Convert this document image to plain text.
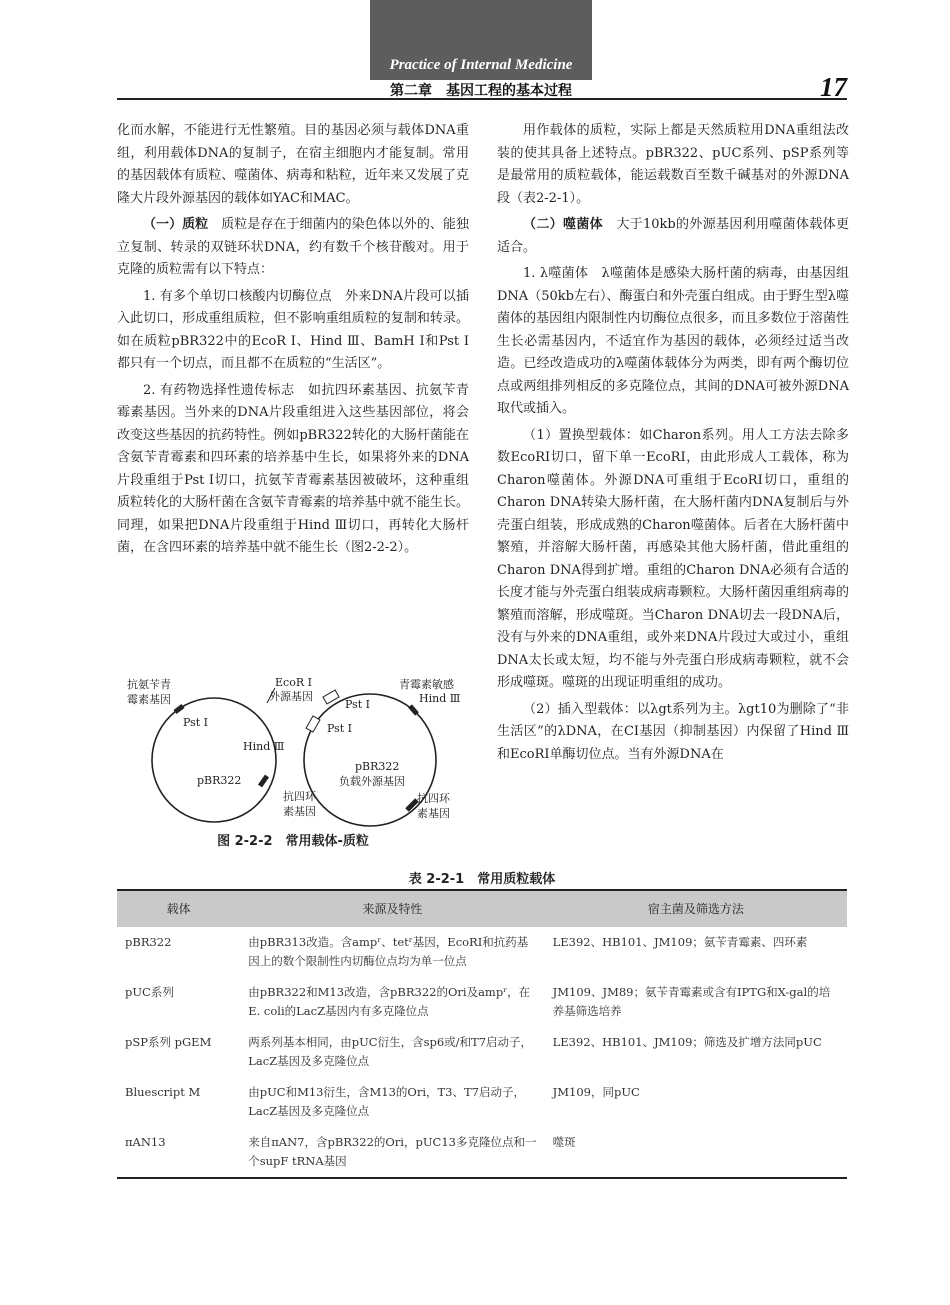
Practice of Internal Medicine
第二章　基因工程的基本过程	17

化而水解，不能进行无性繁殖。目的基因必须与载体DNA重组，利用载体DNA的复制子，在宿主细胞内才能复制。常用的基因载体有质粒、噬菌体、病毒和粘粒，近年来又发展了克隆大片段外源基因的载体如YAC和MAC。

（一）质粒　 质粒是存在于细菌内的染色体以外的、能独立复制、转录的双链环状DNA，约有数千个核苷酸对。用于克隆的质粒需有以下特点：

1. 有多个单切口核酸内切酶位点　外来DNA片段可以插入此切口，形成重组质粒，但不影响重组质粒的复制和转录。如在质粒pBR322中的EcoR Ⅰ、Hind Ⅲ、BamH Ⅰ和Pst Ⅰ都只有一个切点，而且都不在质粒的“生活区”。

2. 有药物选择性遗传标志　如抗四环素基因、抗氨苄青霉素基因。当外来的DNA片段重组进入这些基因部位，将会改变这些基因的抗药特性。例如pBR322转化的大肠杆菌能在含氨苄青霉素和四环素的培养基中生长，如果将外来的DNA片段重组于Pst Ⅰ切口，抗氨苄青霉素基因被破坏，这种重组质粒转化的大肠杆菌在含氨苄青霉素的培养基中就不能生长。同理，如果把DNA片段重组于Hind Ⅲ切口，再转化大肠杆菌，在含四环素的培养基中就不能生长（图2-2-2）。

抗氨苄青
霉素基因
EcoR Ⅰ
外源基因
青霉素敏感
Hind Ⅲ
Pst Ⅰ
Pst Ⅰ
Pst Ⅰ
Hind Ⅲ
pBR322
pBR322
负载外源基因
抗四环
素基因
抗四环
素基因
图 2-2-2　常用载体-质粒

用作载体的质粒，实际上都是天然质粒用DNA重组法改装的使其具备上述特点。pBR322、pUC系列、pSP系列等是最常用的质粒载体，能运载数百至数千碱基对的外源DNA段（表2-2-1）。

（二）噬菌体　 大于10kb的外源基因利用噬菌体载体更适合。

1. λ噬菌体　λ噬菌体是感染大肠杆菌的病毒，由基因组DNA（50kb左右）、酶蛋白和外壳蛋白组成。由于野生型λ噬菌体的基因组内限制性内切酶位点很多，而且多数位于溶菌性生长必需基因内，不适宜作为基因的载体，必须经过适当改造。已经改造成功的λ噬菌体载体分为两类，即有两个酶切位点或两组排列相反的多克隆位点，其间的DNA可被外源DNA取代或插入。

（1）置换型载体：如Charon系列。用人工方法去除多数EcoRI切口，留下单一EcoRI，由此形成人工载体，称为Charon噬菌体。外源DNA可重组于EcoRI切口，重组的Charon DNA转染大肠杆菌，在大肠杆菌内DNA复制后与外壳蛋白组装，形成成熟的Charon噬菌体。后者在大肠杆菌中繁殖，并溶解大肠杆菌，再感染其他大肠杆菌，借此重组的Charon DNA得到扩增。重组的Charon DNA必须有合适的长度才能与外壳蛋白组装成病毒颗粒。大肠杆菌因重组病毒的繁殖而溶解，形成噬斑。当Charon DNA切去一段DNA后，没有与外来的DNA重组，或外来DNA片段过大或过小，重组DNA太长或太短，均不能与外壳蛋白形成病毒颗粒，就不会形成噬斑。噬斑的出现证明重组的成功。

（2）插入型载体：以λgt系列为主。λgt10为删除了“非生活区”的λDNA，在CI基因（抑制基因）内保留了Hind Ⅲ和EcoRI单酶切位点。当有外源DNA在

表 2-2-1　常用质粒载体
载体	来源及特性	宿主菌及筛选方法
pBR322	由pBR313改造。含ampʳ、tetʳ基因，EcoRI和抗药基因上的数个限制性内切酶位点均为单一位点	LE392、HB101、JM109；氨苄青霉素、四环素
pUC系列	由pBR322和M13改造，含pBR322的Ori及ampʳ，在E. coli的LacZ基因内有多克隆位点	JM109、JM89；氨苄青霉素或含有IPTG和X-gal的培养基筛选培养
pSP系列 pGEM	两系列基本相同，由pUC衍生，含sp6或/和T7启动子，LacZ基因及多克隆位点	LE392、HB101、JM109；筛选及扩增方法同pUC
Bluescript M	由pUC和M13衍生，含M13的Ori，T3、T7启动子，LacZ基因及多克隆位点	JM109，同pUC
πAN13	来自πAN7，含pBR322的Ori，pUC13多克隆位点和一个supF tRNA基因	噬斑
